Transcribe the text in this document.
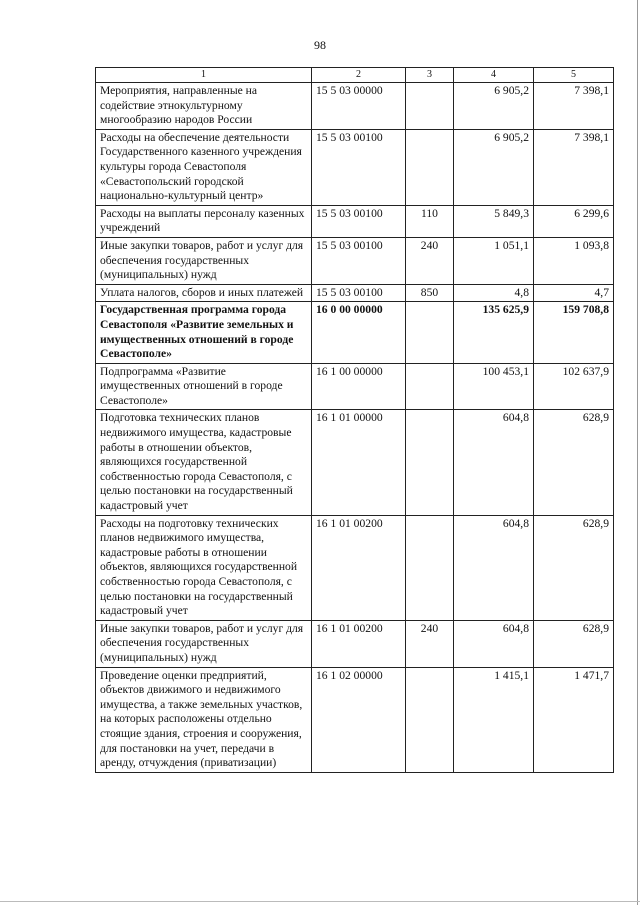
98
1	2	3	4	5
Мероприятия, направленные на содействие этнокультурному многообразию народов России	15 5 03 00000		6 905,2	7 398,1
Расходы на обеспечение деятельности Государственного казенного учреждения культуры города Севастополя «Севастопольский городской национально-культурный центр»	15 5 03 00100		6 905,2	7 398,1
Расходы на выплаты персоналу казенных учреждений	15 5 03 00100	110	5 849,3	6 299,6
Иные закупки товаров, работ и услуг для обеспечения государственных (муниципальных) нужд	15 5 03 00100	240	1 051,1	1 093,8
Уплата налогов, сборов и иных платежей	15 5 03 00100	850	4,8	4,7
Государственная программа города Севастополя «Развитие земельных и имущественных отношений в городе Севастополе»	16 0 00 00000		135 625,9	159 708,8
Подпрограмма «Развитие имущественных отношений в городе Севастополе»	16 1 00 00000		100 453,1	102 637,9
Подготовка технических планов недвижимого имущества, кадастровые работы в отношении объектов, являющихся государственной собственностью города Севастополя, с целью постановки на государственный кадастровый учет	16 1 01 00000		604,8	628,9
Расходы на подготовку технических планов недвижимого имущества, кадастровые работы в отношении объектов, являющихся государственной собственностью города Севастополя, с целью постановки на государственный кадастровый учет	16 1 01 00200		604,8	628,9
Иные закупки товаров, работ и услуг для обеспечения государственных (муниципальных) нужд	16 1 01 00200	240	604,8	628,9
Проведение оценки предприятий, объектов движимого и недвижимого имущества, а также земельных участков, на которых расположены отдельно стоящие здания, строения и сооружения, для постановки на учет, передачи в аренду, отчуждения (приватизации)	16 1 02 00000		1 415,1	1 471,7
